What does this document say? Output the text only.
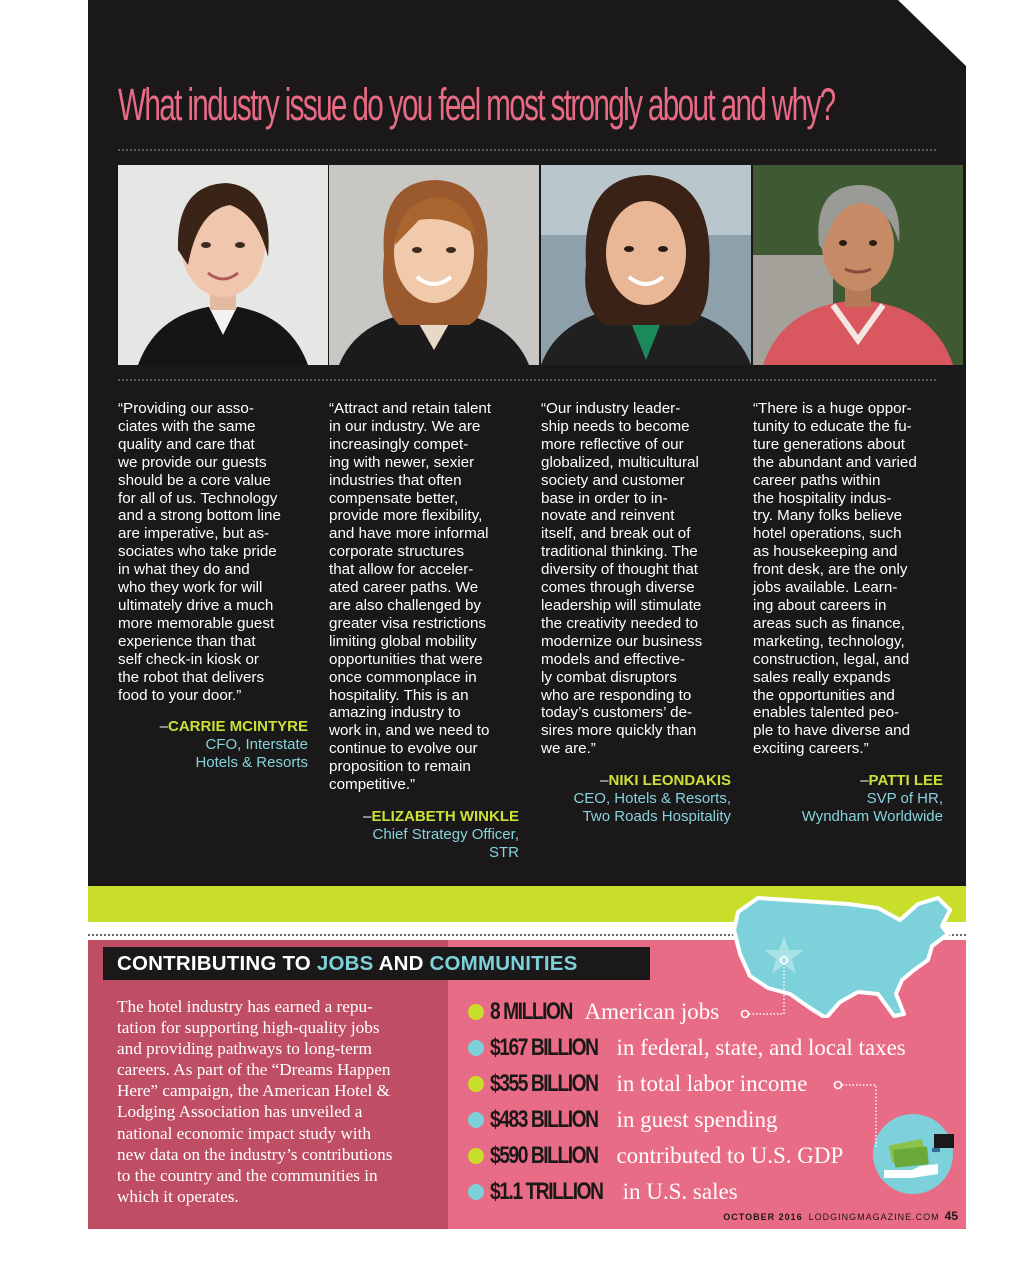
What industry issue do you feel most strongly about and why?
“Providing our asso-
ciates with the same
quality and care that
we provide our guests
should be a core value
for all of us. Technology
and a strong bottom line
are imperative, but as-
sociates who take pride
in what they do and
who they work for will
ultimately drive a much
more memorable guest
experience than that
self check-in kiosk or
the robot that delivers
food to your door.”
–CARRIE MCINTYRE
CFO, Interstate
Hotels & Resorts
“Attract and retain talent
in our industry. We are
increasingly compet-
ing with newer, sexier
industries that often
compensate better,
provide more flexibility,
and have more informal
corporate structures
that allow for acceler-
ated career paths. We
are also challenged by
greater visa restrictions
limiting global mobility
opportunities that were
once commonplace in
hospitality. This is an
amazing industry to
work in, and we need to
continue to evolve our
proposition to remain
competitive.”
–ELIZABETH WINKLE
Chief Strategy Officer,
STR
“Our industry leader-
ship needs to become
more reflective of our
globalized, multicultural
society and customer
base in order to in-
novate and reinvent
itself, and break out of
traditional thinking. The
diversity of thought that
comes through diverse
leadership will stimulate
the creativity needed to
modernize our business
models and effective-
ly combat disruptors
who are responding to
today’s customers’ de-
sires more quickly than
we are.”
–NIKI LEONDAKIS
CEO, Hotels & Resorts,
Two Roads Hospitality
“There is a huge oppor-
tunity to educate the fu-
ture generations about
the abundant and varied
career paths within
the hospitality indus-
try. Many folks believe
hotel operations, such
as housekeeping and
front desk, are the only
jobs available. Learn-
ing about careers in
areas such as finance,
marketing, technology,
construction, legal, and
sales really expands
the opportunities and
enables talented peo-
ple to have diverse and
exciting careers.”
–PATTI LEE
SVP of HR,
Wyndham Worldwide
CONTRIBUTING TO JOBS AND COMMUNITIES
The hotel industry has earned a repu-
tation for supporting high-quality jobs
and providing pathways to long-term
careers. As part of the “Dreams Happen
Here” campaign, the American Hotel &
Lodging Association has unveiled a
national economic impact study with
new data on the industry’s contributions
to the country and the communities in
which it operates.
8 MILLION American jobs
$167 BILLION in federal, state, and local taxes
$355 BILLION in total labor income
$483 BILLION in guest spending
$590 BILLION contributed to U.S. GDP
$1.1 TRILLION in U.S. sales
OCTOBER 2016 LODGINGMAGAZINE.COM 45
